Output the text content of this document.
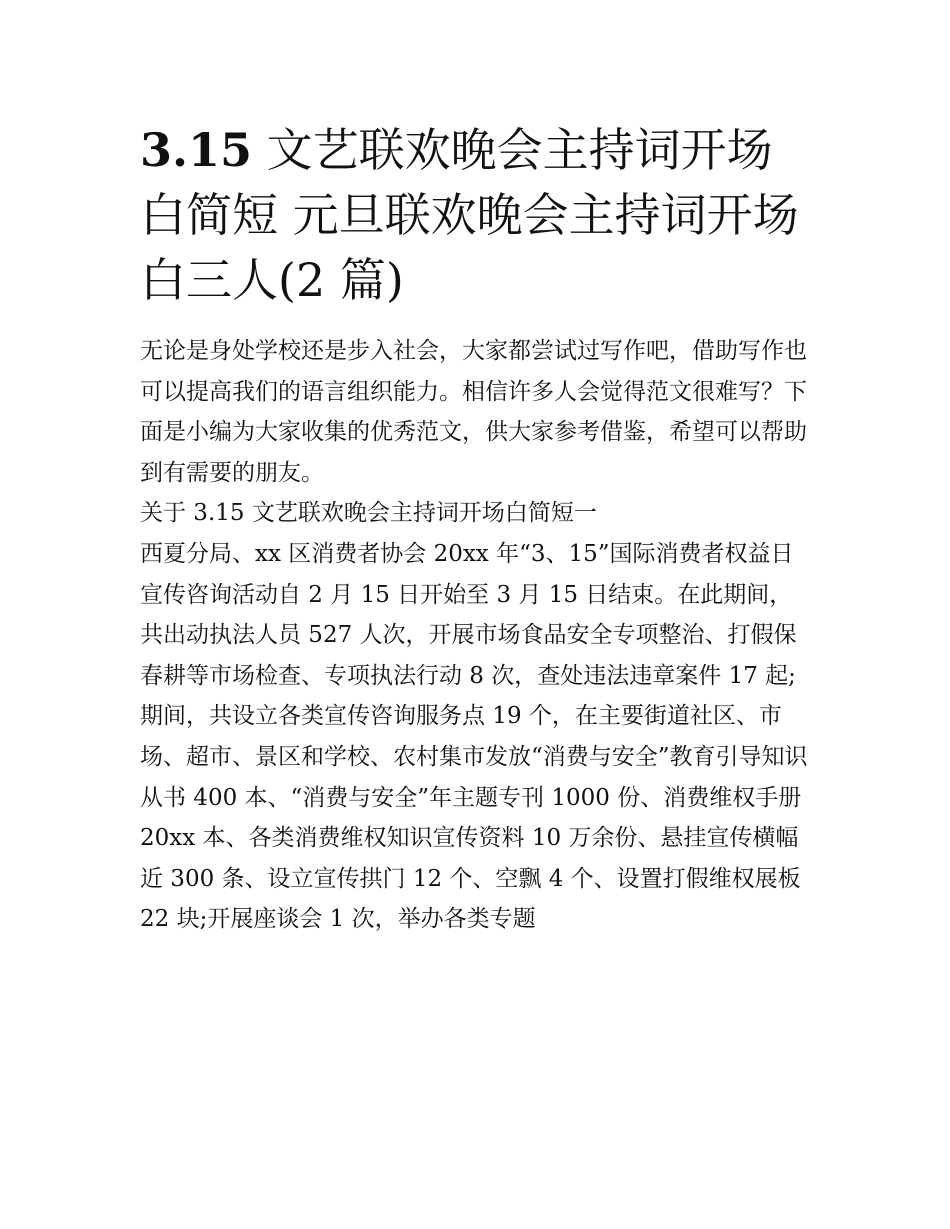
3.15 文艺联欢晚会主持词开场白简短 元旦联欢晚会主持词开场白三人(2 篇)

无论是身处学校还是步入社会，大家都尝试过写作吧，借助写作也可以提高我们的语言组织能力。相信许多人会觉得范文很难写？下面是小编为大家收集的优秀范文，供大家参考借鉴，希望可以帮助到有需要的朋友。

关于 3.15 文艺联欢晚会主持词开场白简短一

西夏分局、xx 区消费者协会 20xx 年“3、15”国际消费者权益日宣传咨询活动自 2 月 15 日开始至 3 月 15 日结束。在此期间，共出动执法人员 527 人次，开展市场食品安全专项整治、打假保春耕等市场检查、专项执法行动 8 次，查处违法违章案件 17 起;期间，共设立各类宣传咨询服务点 19 个，在主要街道社区、市场、超市、景区和学校、农村集市发放“消费与安全”教育引导知识从书 400 本、“消费与安全”年主题专刊 1000 份、消费维权手册 20xx 本、各类消费维权知识宣传资料 10 万余份、悬挂宣传横幅近 300 条、设立宣传拱门 12 个、空飘 4 个、设置打假维权展板 22 块;开展座谈会 1 次，举办各类专题
